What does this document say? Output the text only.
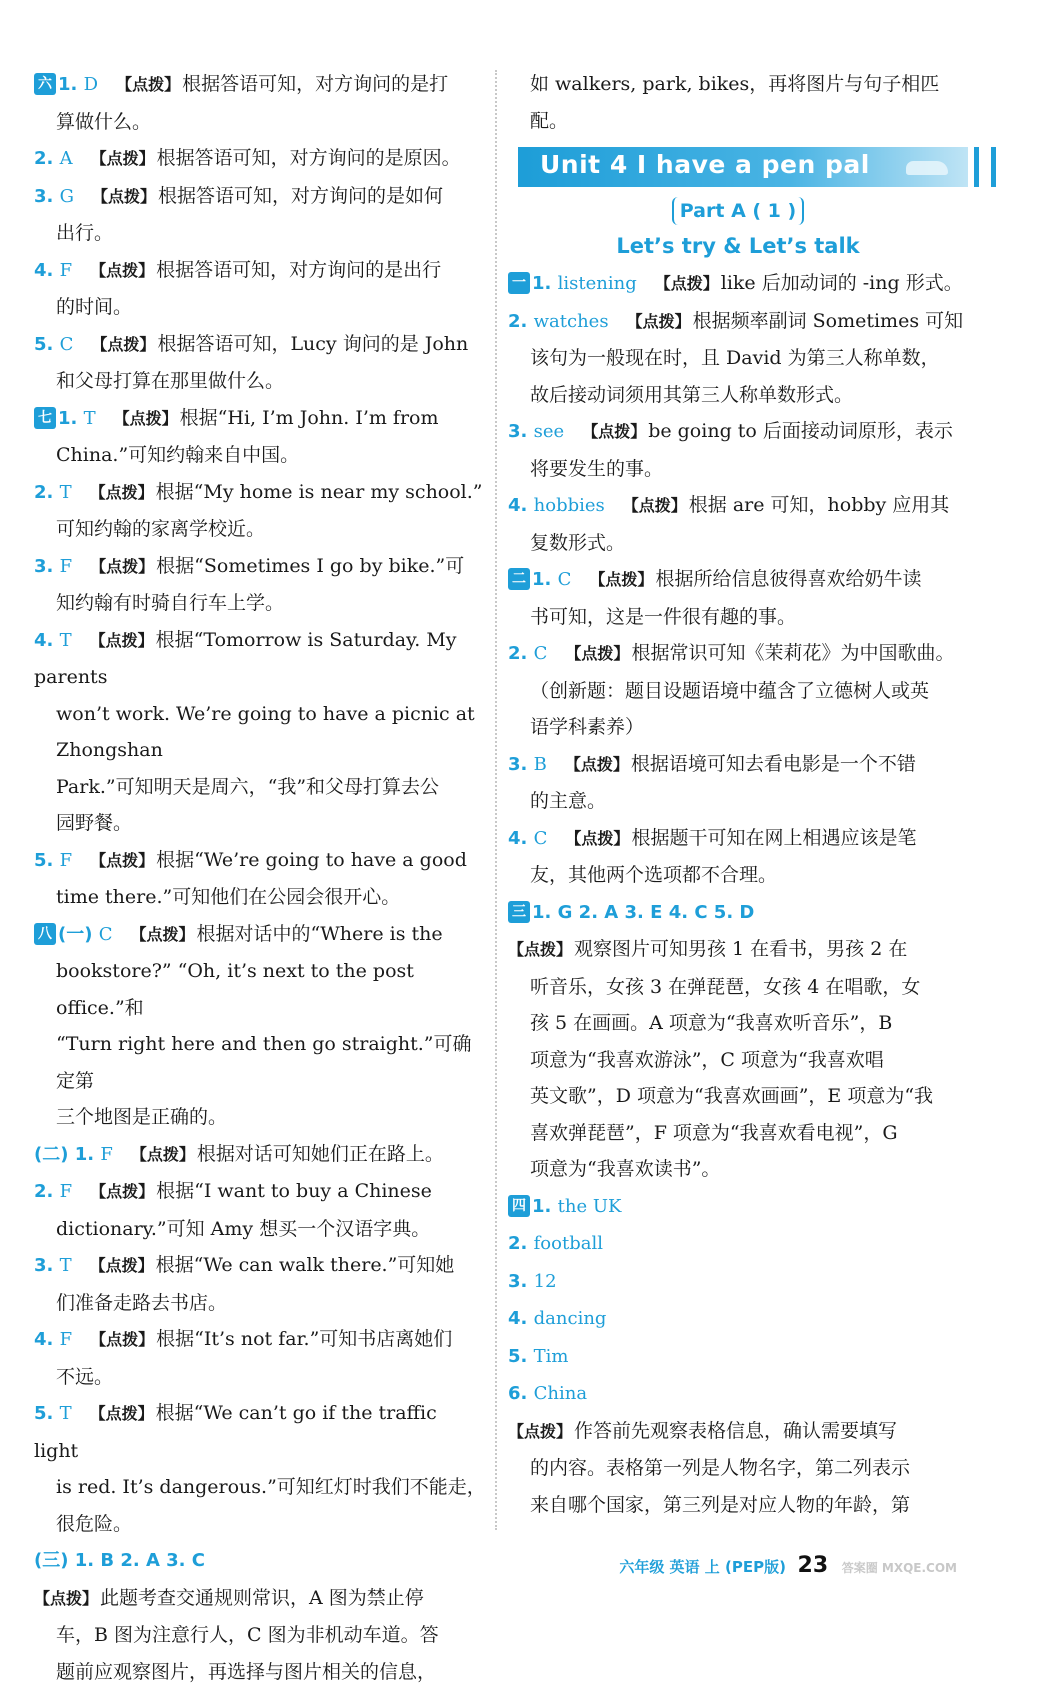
六 1. D 【点拨】 根据答语可知，对方询问的是打

算做什么。

2. A 【点拨】 根据答语可知，对方询问的是原因。

3. G 【点拨】 根据答语可知，对方询问的是如何

出行。

4. F 【点拨】 根据答语可知，对方询问的是出行

的时间。

5. C 【点拨】 根据答语可知，Lucy 询问的是 John

和父母打算在那里做什么。

七 1. T 【点拨】 根据“Hi, I’m John. I’m from

China.”可知约翰来自中国。

2. T 【点拨】 根据“My home is near my school.”

可知约翰的家离学校近。

3. F 【点拨】 根据“Sometimes I go by bike.”可

知约翰有时骑自行车上学。

4. T 【点拨】 根据“Tomorrow is Saturday. My parents

won’t work. We’re going to have a picnic at Zhongshan

Park.”可知明天是周六，“我”和父母打算去公

园野餐。

5. F 【点拨】 根据“We’re going to have a good

time there.”可知他们在公园会很开心。

八 (一) C 【点拨】 根据对话中的“Where is the

bookstore?” “Oh, it’s next to the post office.”和

“Turn right here and then go straight.”可确定第

三个地图是正确的。

(二) 1. F 【点拨】 根据对话可知她们正在路上。

2. F 【点拨】 根据“I want to buy a Chinese

dictionary.”可知 Amy 想买一个汉语字典。

3. T 【点拨】 根据“We can walk there.”可知她

们准备走路去书店。

4. F 【点拨】 根据“It’s not far.”可知书店离她们

不远。

5. T 【点拨】 根据“We can’t go if the traffic light

is red. It’s dangerous.”可知红灯时我们不能走，

很危险。

(三) 1. B 2. A 3. C

【点拨】 此题考查交通规则常识，A 图为禁止停

车，B 图为注意行人，C 图为非机动车道。答

题前应观察图片，再选择与图片相关的信息，

如 walkers, park, bikes，再将图片与句子相匹配。

Unit 4 I have a pen pal
Part A ( 1 )
Let’s try & Let’s talk

一 1. listening 【点拨】 like 后加动词的 -ing 形式。

2. watches 【点拨】 根据频率副词 Sometimes 可知

该句为一般现在时，且 David 为第三人称单数，

故后接动词须用其第三人称单数形式。

3. see 【点拨】 be going to 后面接动词原形，表示

将要发生的事。

4. hobbies 【点拨】 根据 are 可知，hobby 应用其

复数形式。

二 1. C 【点拨】 根据所给信息彼得喜欢给奶牛读

书可知，这是一件很有趣的事。

2. C 【点拨】 根据常识可知《茉莉花》为中国歌曲。

（创新题：题目设题语境中蕴含了立德树人或英

语学科素养）

3. B 【点拨】 根据语境可知去看电影是一个不错

的主意。

4. C 【点拨】 根据题干可知在网上相遇应该是笔

友，其他两个选项都不合理。

三 1. G 2. A 3. E 4. C 5. D

【点拨】 观察图片可知男孩 1 在看书，男孩 2 在

听音乐，女孩 3 在弹琵琶，女孩 4 在唱歌，女

孩 5 在画画。A 项意为“我喜欢听音乐”，B

项意为“我喜欢游泳”，C 项意为“我喜欢唱

英文歌”，D 项意为“我喜欢画画”，E 项意为“我

喜欢弹琵琶”，F 项意为“我喜欢看电视”，G

项意为“我喜欢读书”。

四 1. the UK

2. football

3. 12

4. dancing

5. Tim

6. China

【点拨】 作答前先观察表格信息，确认需要填写

的内容。表格第一列是人物名字，第二列表示

来自哪个国家，第三列是对应人物的年龄，第

六年级 英语 上 (PEP版) 23 答案圈 MXQE.COM
